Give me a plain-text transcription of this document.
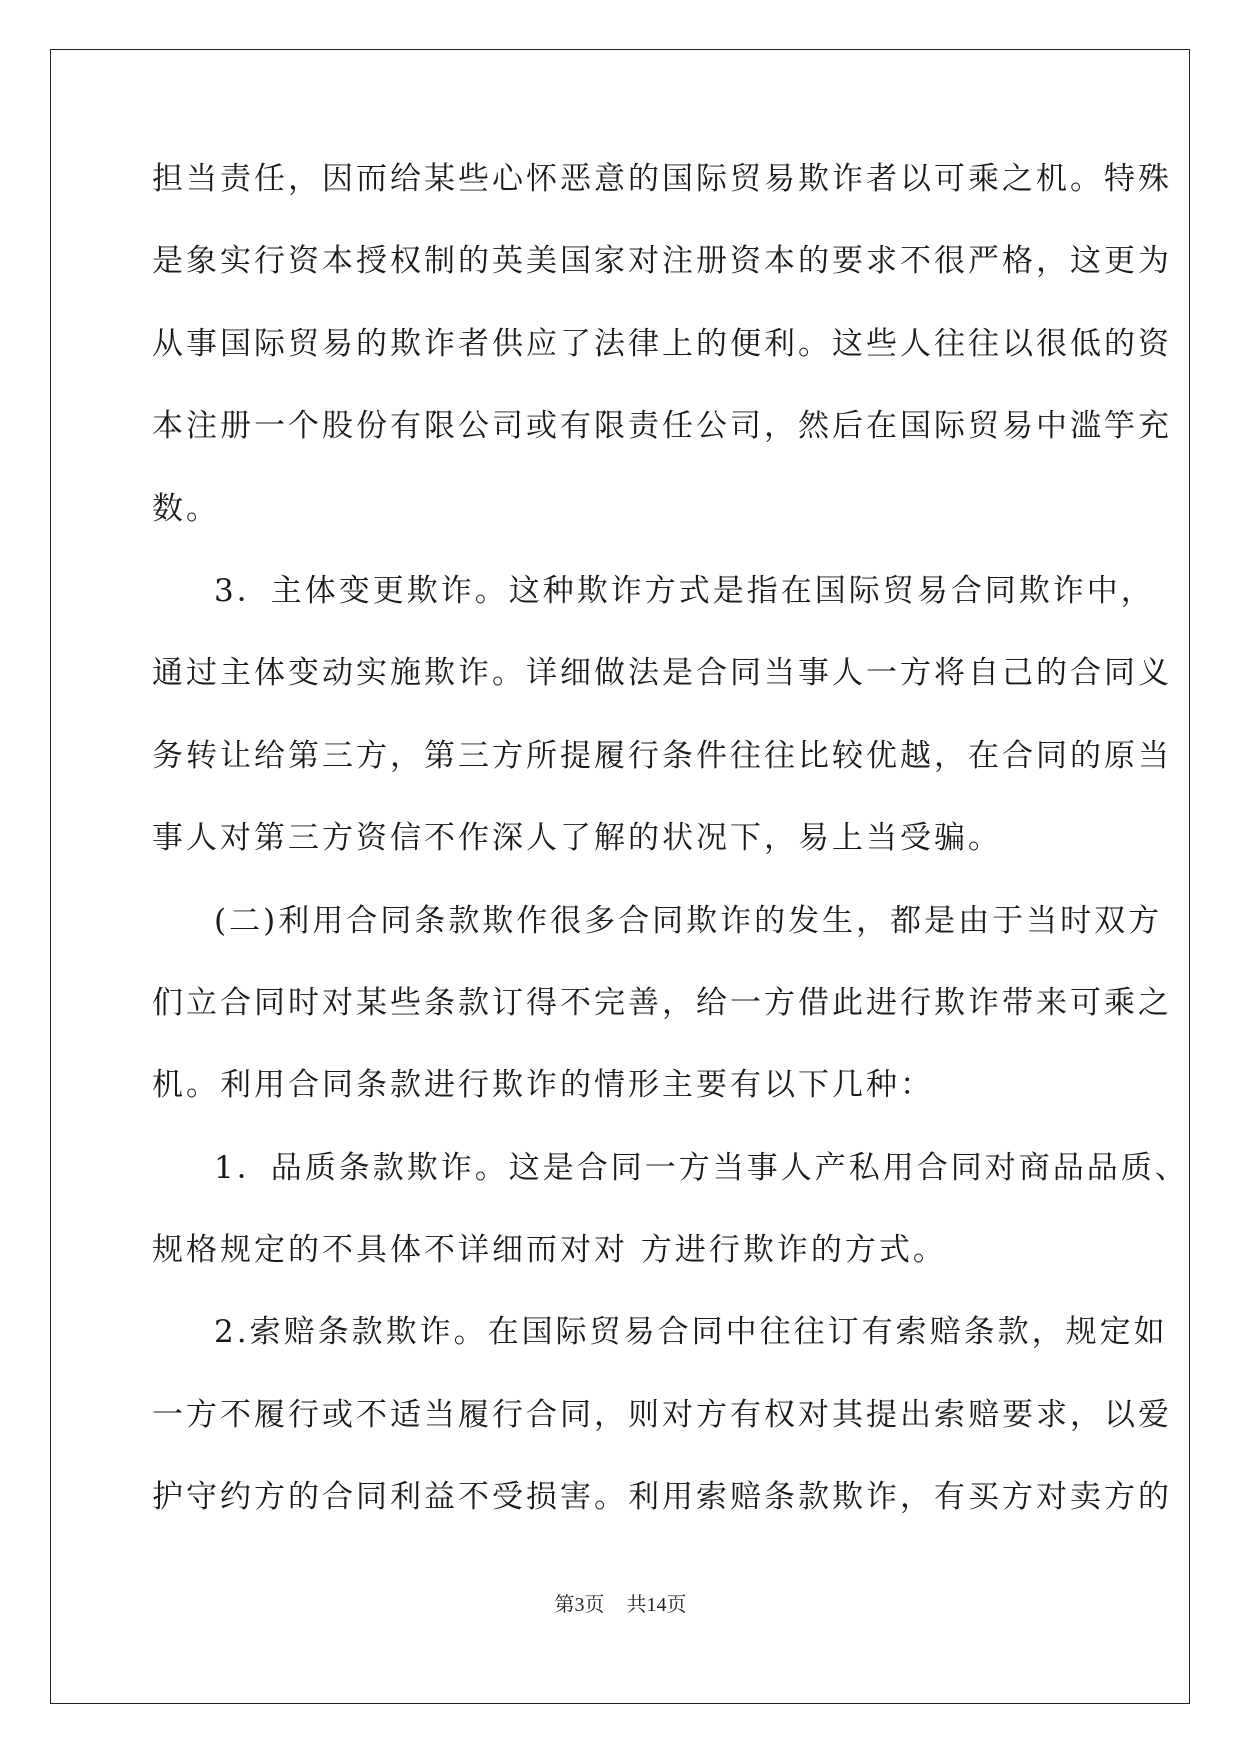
担当责任，因而给某些心怀恶意的国际贸易欺诈者以可乘之机。特殊
是象实行资本授权制的英美国家对注册资本的要求不很严格，这更为
从事国际贸易的欺诈者供应了法律上的便利。这些人往往以很低的资
本注册一个股份有限公司或有限责任公司，然后在国际贸易中滥竽充
数。
3．主体变更欺诈。这种欺诈方式是指在国际贸易合同欺诈中，
通过主体变动实施欺诈。详细做法是合同当事人一方将自己的合同义
务转让给第三方，第三方所提履行条件往往比较优越，在合同的原当
事人对第三方资信不作深人了解的状况下，易上当受骗。
(二)利用合同条款欺作很多合同欺诈的发生，都是由于当时双方
们立合同时对某些条款订得不完善，给一方借此进行欺诈带来可乘之
机。利用合同条款进行欺诈的情形主要有以下几种：
1．品质条款欺诈。这是合同一方当事人产私用合同对商品品质、
规格规定的不具体不详细而对对 方进行欺诈的方式。
2.索赔条款欺诈。在国际贸易合同中往往订有索赔条款，规定如
一方不履行或不适当履行合同，则对方有权对其提出索赔要求，以爱
护守约方的合同利益不受损害。利用索赔条款欺诈，有买方对卖方的
第3页 共14页
